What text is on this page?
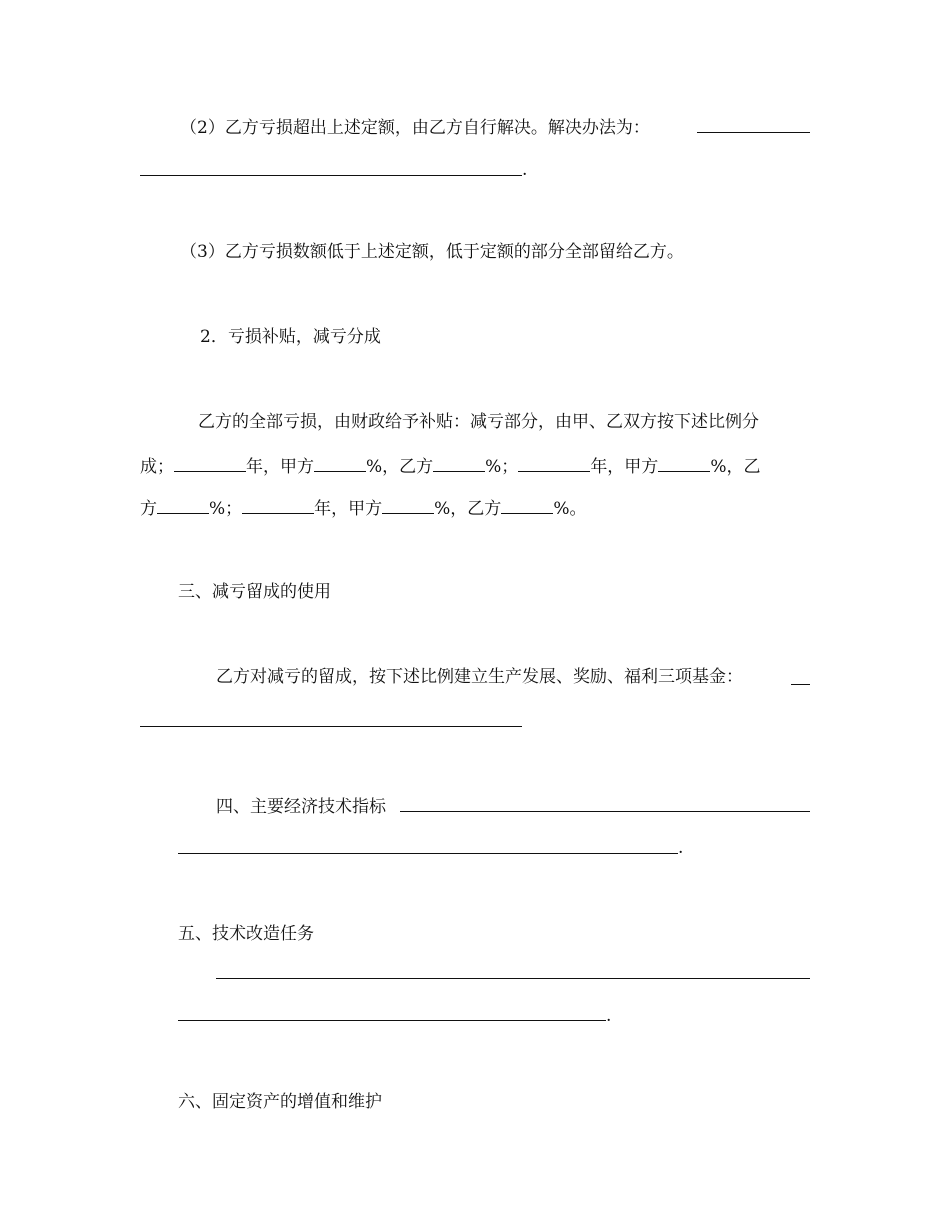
（2）乙方亏损超出上述定额，由乙方自行解决。解决办法为：
.
（3）乙方亏损数额低于上述定额，低于定额的部分全部留给乙方。
2．亏损补贴，减亏分成
乙方的全部亏损，由财政给予补贴：减亏部分，由甲、乙双方按下述比例分
成；	年，甲方	%，乙方	%；	年，甲方	%，乙
方	%；	年，甲方	%，乙方	%。
三、减亏留成的使用
乙方对减亏的留成，按下述比例建立生产发展、奖励、福利三项基金：
四、主要经济技术指标
.
五、技术改造任务
.
六、固定资产的增值和维护
